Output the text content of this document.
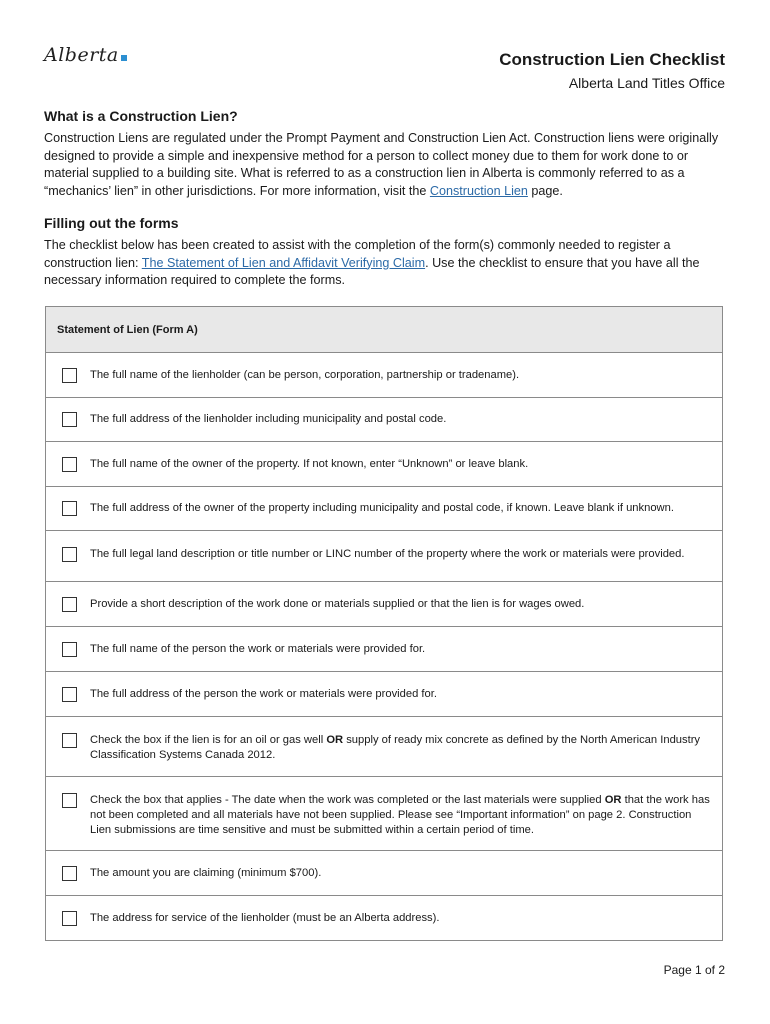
Alberta	Construction Lien Checklist
Alberta Land Titles Office
What is a Construction Lien?
Construction Liens are regulated under the Prompt Payment and Construction Lien Act. Construction liens were originally designed to provide a simple and inexpensive method for a person to collect money due to them for work done to or material supplied to a building site. What is referred to as a construction lien in Alberta is commonly referred to as a “mechanics’ lien” in other jurisdictions. For more information, visit the Construction Lien page.
Filling out the forms
The checklist below has been created to assist with the completion of the form(s) commonly needed to register a construction lien: The Statement of Lien and Affidavit Verifying Claim. Use the checklist to ensure that you have all the necessary information required to complete the forms.
Statement of Lien (Form A)
The full name of the lienholder (can be person, corporation, partnership or tradename).
The full address of the lienholder including municipality and postal code.
The full name of the owner of the property. If not known, enter “Unknown” or leave blank.
The full address of the owner of the property including municipality and postal code, if known. Leave blank if unknown.
The full legal land description or title number or LINC number of the property where the work or materials were provided.
Provide a short description of the work done or materials supplied or that the lien is for wages owed.
The full name of the person the work or materials were provided for.
The full address of the person the work or materials were provided for.
Check the box if the lien is for an oil or gas well OR supply of ready mix concrete as defined by the North American Industry Classification Systems Canada 2012.
Check the box that applies - The date when the work was completed or the last materials were supplied OR that the work has not been completed and all materials have not been supplied. Please see “Important information” on page 2. Construction Lien submissions are time sensitive and must be submitted within a certain period of time.
The amount you are claiming (minimum $700).
The address for service of the lienholder (must be an Alberta address).
Page 1 of 2
